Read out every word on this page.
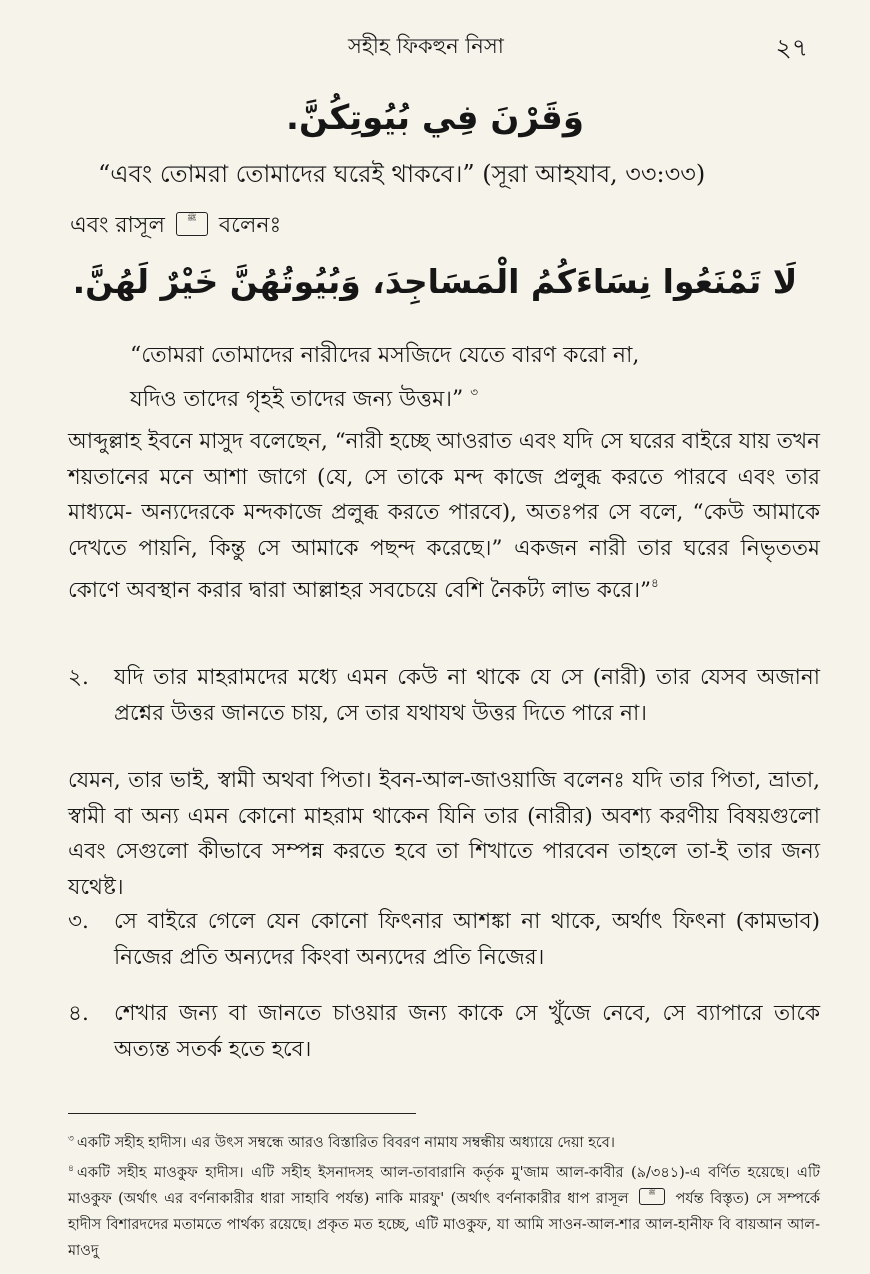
সহীহ ফিকহুন নিসা	২৭
وَقَرْنَ فِي بُيُوتِكُنَّ.
“এবং তোমরা তোমাদের ঘরেই থাকবে।” (সূরা আহযাব, ৩৩:৩৩)
এবং রাসূল	ﷺ বলেনঃ
لَا تَمْنَعُوا نِسَاءَكُمُ الْمَسَاجِدَ، وَبُيُوتُهُنَّ خَيْرٌ لَهُنَّ.
“তোমরা তোমাদের নারীদের মসজিদে যেতে বারণ করো না,
যদিও তাদের গৃহই তাদের জন্য উত্তম।” $^৩$
আব্দুল্লাহ ইবনে মাসুদ বলেছেন, “নারী হচ্ছে আওরাত এবং যদি সে ঘরের বাইরে যায় তখন শয়তানের মনে আশা জাগে (যে, সে তাকে মন্দ কাজে প্রলুব্ধ করতে পারবে এবং তার মাধ্যমে- অন্যদেরকে মন্দকাজে প্রলুব্ধ করতে পারবে), অতঃপর সে বলে, “কেউ আমাকে দেখতে পায়নি, কিন্তু সে আমাকে পছন্দ করেছে।” একজন নারী তার ঘরের নিভৃততম কোণে অবস্থান করার দ্বারা আল্লাহর সবচেয়ে বেশি নৈকট্য লাভ করে।”$^৪$
২. যদি তার মাহরামদের মধ্যে এমন কেউ না থাকে যে সে (নারী) তার যেসব অজানা প্রশ্নের উত্তর জানতে চায়, সে তার যথাযথ উত্তর দিতে পারে না।
যেমন, তার ভাই, স্বামী অথবা পিতা। ইবন-আল-জাওয়াজি বলেনঃ যদি তার পিতা, ভ্রাতা, স্বামী বা অন্য এমন কোনো মাহরাম থাকেন যিনি তার (নারীর) অবশ্য করণীয় বিষয়গুলো এবং সেগুলো কীভাবে সম্পন্ন করতে হবে তা শিখাতে পারবেন তাহলে তা-ই তার জন্য যথেষ্ট।
৩. সে বাইরে গেলে যেন কোনো ফিৎনার আশঙ্কা না থাকে, অর্থাৎ ফিৎনা (কামভাব) নিজের প্রতি অন্যদের কিংবা অন্যদের প্রতি নিজের।
৪. শেখার জন্য বা জানতে চাওয়ার জন্য কাকে সে খুঁজে নেবে, সে ব্যাপারে তাকে অত্যন্ত সতর্ক হতে হবে।

$^৩$ একটি সহীহ হাদীস। এর উৎস সম্বন্ধে আরও বিস্তারিত বিবরণ নামায সম্বন্ধীয় অধ্যায়ে দেয়া হবে।

$^৪$ একটি সহীহ মাওকুফ হাদীস। এটি সহীহ ইসনাদসহ আল-তাবারানি কর্তৃক মু'জাম আল-কাবীর (৯/৩৪১)-এ বর্ণিত হয়েছে। এটি মাওকুফ (অর্থাৎ এর বর্ণনাকারীর ধারা সাহাবি পর্যন্ত) নাকি মারফু' (অর্থাৎ বর্ণনাকারীর ধাপ রাসূল	ﷺ পর্যন্ত বিস্তৃত) সে সম্পর্কে হাদীস বিশারদদের মতামতে পার্থক্য রয়েছে। প্রকৃত মত হচ্ছে, এটি মাওকুফ, যা আমি সাওন-আল-শার আল-হানীফ বি বায়আন আল-মাওদু
